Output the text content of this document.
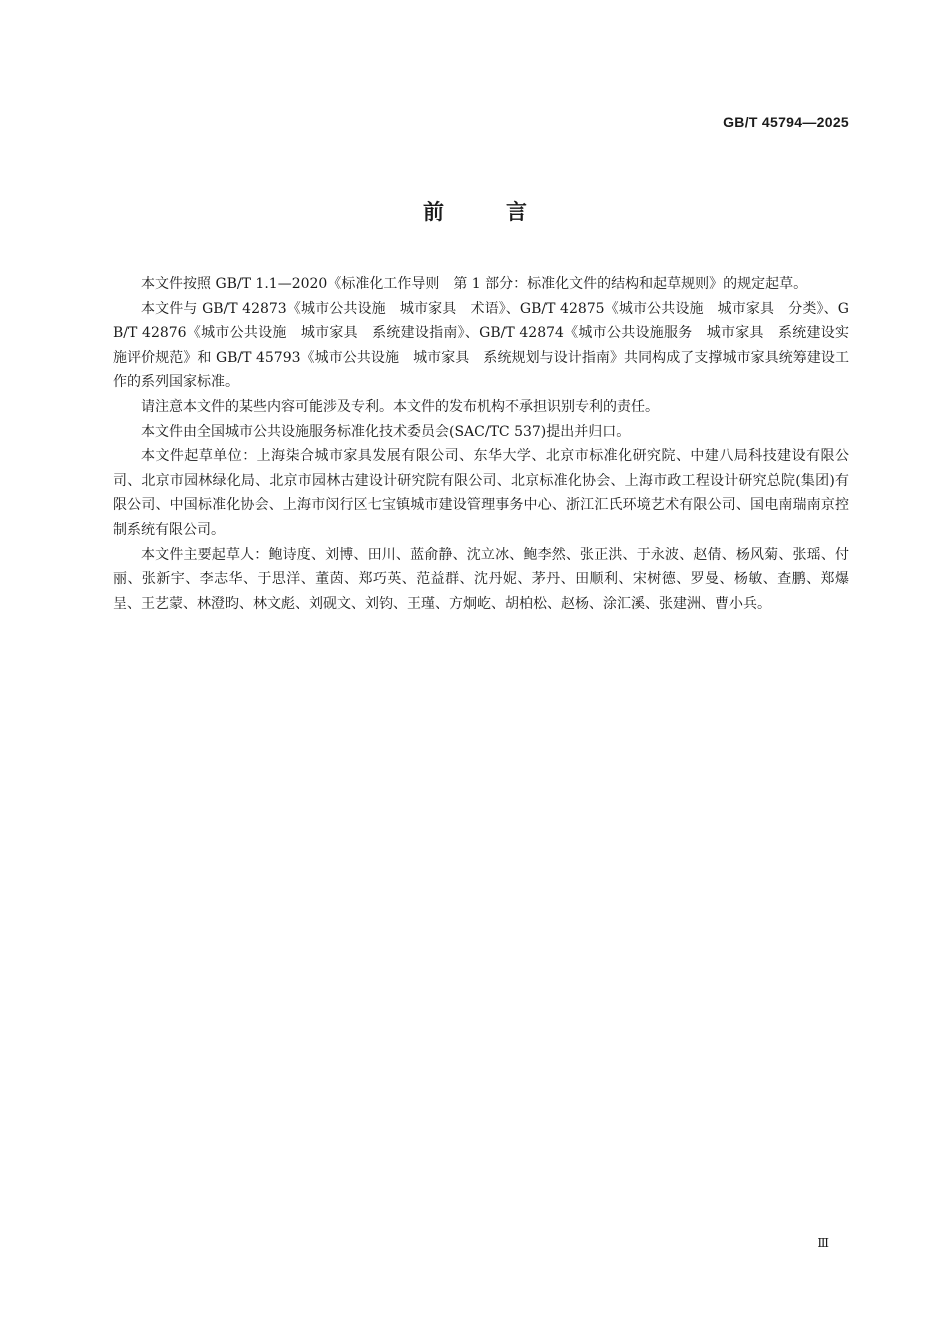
GB/T 45794—2025
前言

本文件按照 GB/T 1.1—2020《标准化工作导则　第 1 部分：标准化文件的结构和起草规则》的规定起草。

本文件与 GB/T 42873《城市公共设施　城市家具　术语》、GB/T 42875《城市公共设施　城市家具　分类》、GB/T 42876《城市公共设施　城市家具　系统建设指南》、GB/T 42874《城市公共设施服务　城市家具　系统建设实施评价规范》和 GB/T 45793《城市公共设施　城市家具　系统规划与设计指南》共同构成了支撑城市家具统筹建设工作的系列国家标准。

请注意本文件的某些内容可能涉及专利。本文件的发布机构不承担识别专利的责任。

本文件由全国城市公共设施服务标准化技术委员会(SAC/TC 537)提出并归口。

本文件起草单位：上海柒合城市家具发展有限公司、东华大学、北京市标准化研究院、中建八局科技建设有限公司、北京市园林绿化局、北京市园林古建设计研究院有限公司、北京标准化协会、上海市政工程设计研究总院(集团)有限公司、中国标准化协会、上海市闵行区七宝镇城市建设管理事务中心、浙江汇氏环境艺术有限公司、国电南瑞南京控制系统有限公司。

本文件主要起草人：鲍诗度、刘博、田川、蓝俞静、沈立冰、鲍李然、张正洪、于永波、赵倩、杨风菊、张瑶、付丽、张新宇、李志华、于思洋、董茵、郑巧英、范益群、沈丹妮、茅丹、田顺利、宋树德、罗曼、杨敏、查鹏、郑爆呈、王艺蒙、林澄昀、林文彪、刘砚文、刘钧、王瑾、方炯屹、胡柏松、赵杨、涂汇溪、张建洲、曹小兵。

Ⅲ
